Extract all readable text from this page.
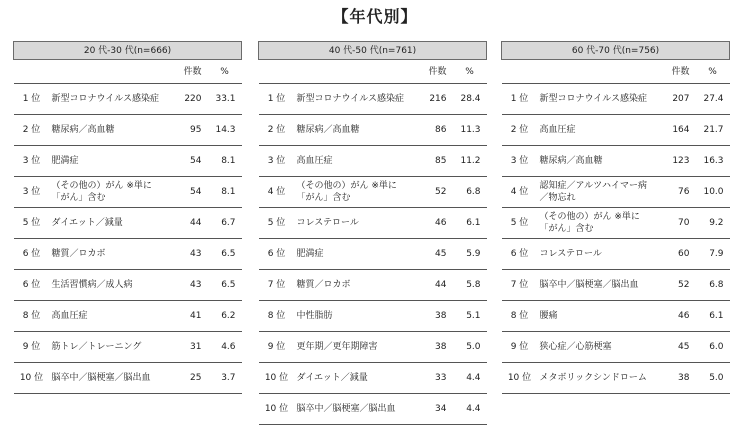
【年代別】
20 代-30 代(n=666)			
		件数	%
1 位	新型コロナウイルス感染症	220	33.1
2 位	糖尿病／高血糖	95	14.3
3 位	肥満症	54	8.1
3 位	（その他の）がん ※単に「がん」含む	54	8.1
5 位	ダイエット／減量	44	6.7
6 位	糖質／ロカボ	43	6.5
6 位	生活習慣病／成人病	43	6.5
8 位	高血圧症	41	6.2
9 位	筋トレ／トレーニング	31	4.6
10 位	脳卒中／脳梗塞／脳出血	25	3.7
40 代-50 代(n=761)			
		件数	%
1 位	新型コロナウイルス感染症	216	28.4
2 位	糖尿病／高血糖	86	11.3
3 位	高血圧症	85	11.2
4 位	（その他の）がん ※単に「がん」含む	52	6.8
5 位	コレステロール	46	6.1
6 位	肥満症	45	5.9
7 位	糖質／ロカボ	44	5.8
8 位	中性脂肪	38	5.1
9 位	更年期／更年期障害	38	5.0
10 位	ダイエット／減量	33	4.4
10 位	脳卒中／脳梗塞／脳出血	34	4.4
60 代-70 代(n=756)			
		件数	%
1 位	新型コロナウイルス感染症	207	27.4
2 位	高血圧症	164	21.7
3 位	糖尿病／高血糖	123	16.3
4 位	認知症／アルツハイマー病／物忘れ	76	10.0
5 位	（その他の）がん ※単に「がん」含む	70	9.2
6 位	コレステロール	60	7.9
7 位	脳卒中／脳梗塞／脳出血	52	6.8
8 位	腰痛	46	6.1
9 位	狭心症／心筋梗塞	45	6.0
10 位	メタボリックシンドローム	38	5.0
